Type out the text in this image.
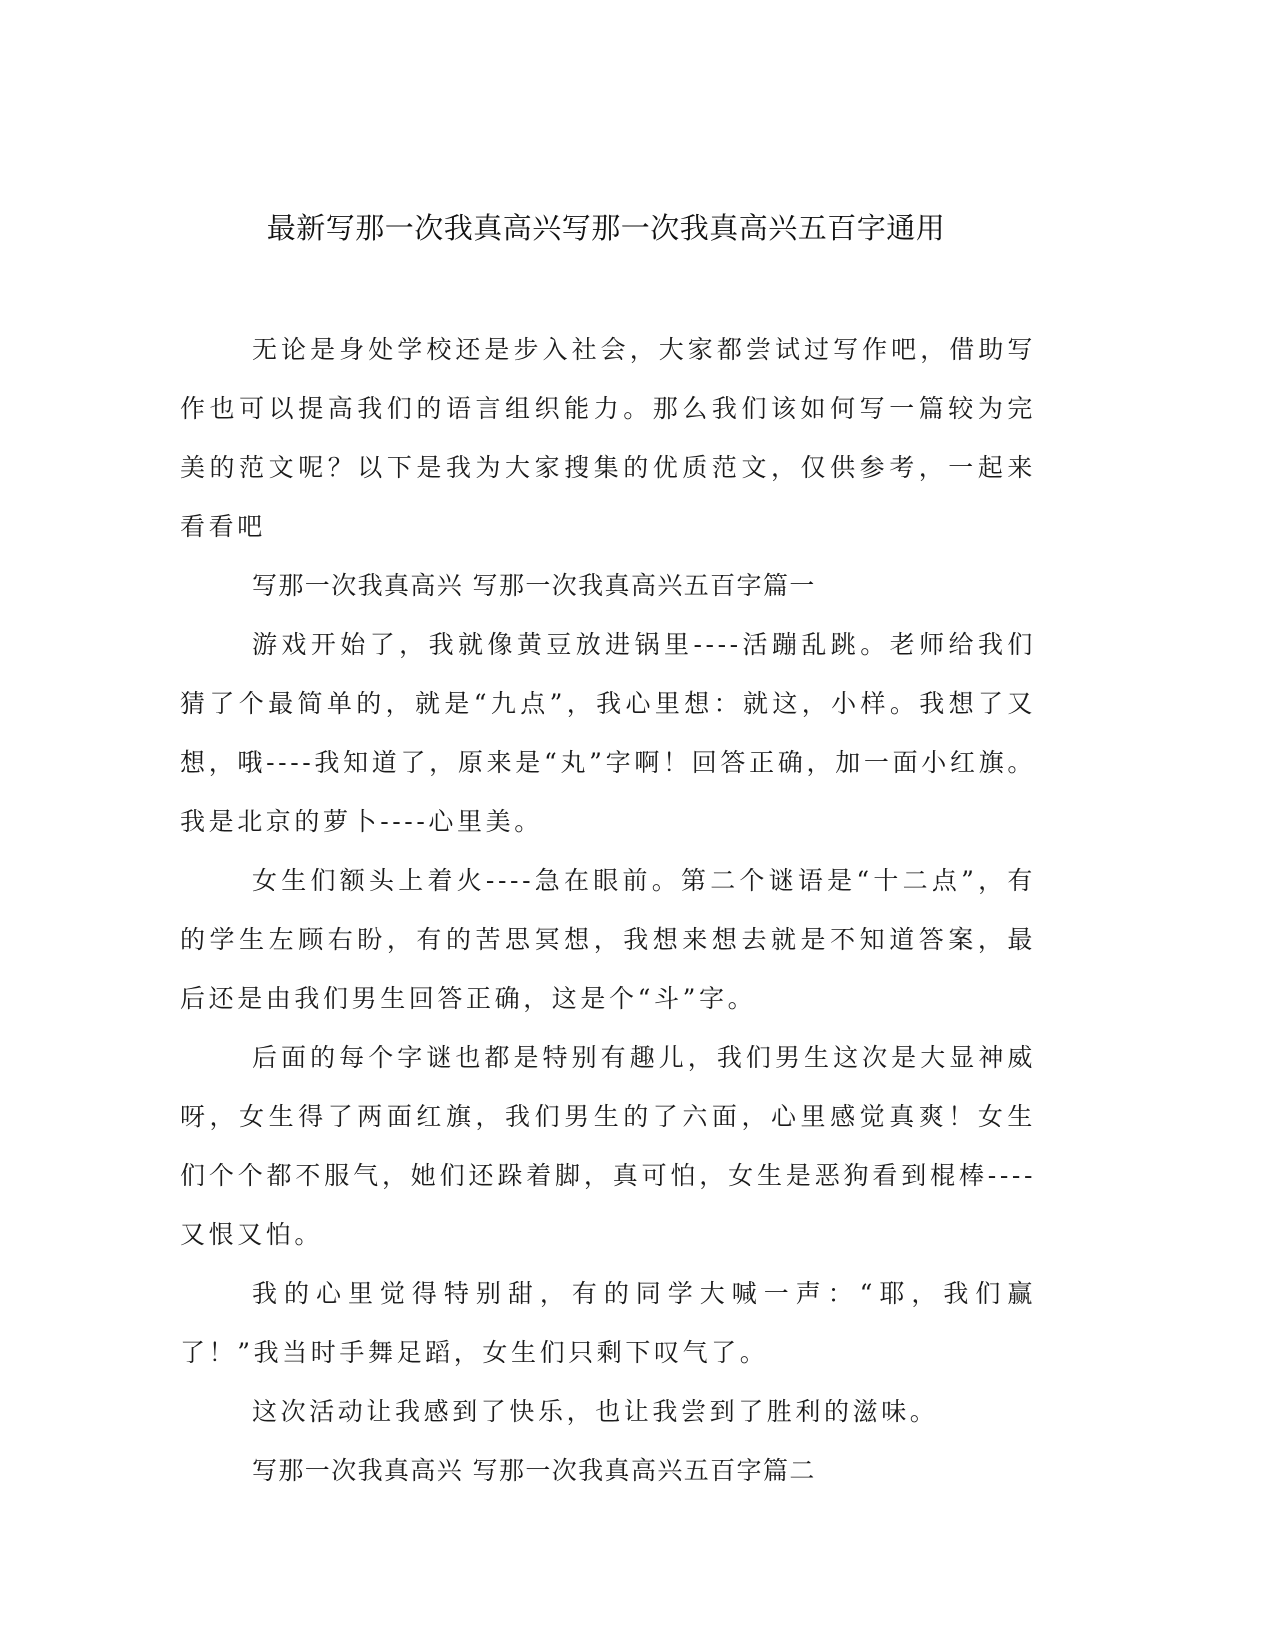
最新写那一次我真高兴写那一次我真高兴五百字通用

无论是身处学校还是步入社会，大家都尝试过写作吧，借助写作也可以提高我们的语言组织能力。那么我们该如何写一篇较为完美的范文呢？以下是我为大家搜集的优质范文，仅供参考，一起来看看吧

写那一次我真高兴 写那一次我真高兴五百字篇一

游戏开始了，我就像黄豆放进锅里----活蹦乱跳。老师给我们猜了个最简单的，就是“九点”，我心里想：就这，小样。我想了又想，哦----我知道了，原来是“丸”字啊！回答正确，加一面小红旗。我是北京的萝卜----心里美。

女生们额头上着火----急在眼前。第二个谜语是“十二点”，有的学生左顾右盼，有的苦思冥想，我想来想去就是不知道答案，最后还是由我们男生回答正确，这是个“斗”字。

后面的每个字谜也都是特别有趣儿，我们男生这次是大显神威呀，女生得了两面红旗，我们男生的了六面，心里感觉真爽！女生们个个都不服气，她们还跺着脚，真可怕，女生是恶狗看到棍棒----又恨又怕。

我的心里觉得特别甜，有的同学大喊一声：“耶，我们赢了！”我当时手舞足蹈，女生们只剩下叹气了。

这次活动让我感到了快乐，也让我尝到了胜利的滋味。

写那一次我真高兴 写那一次我真高兴五百字篇二
